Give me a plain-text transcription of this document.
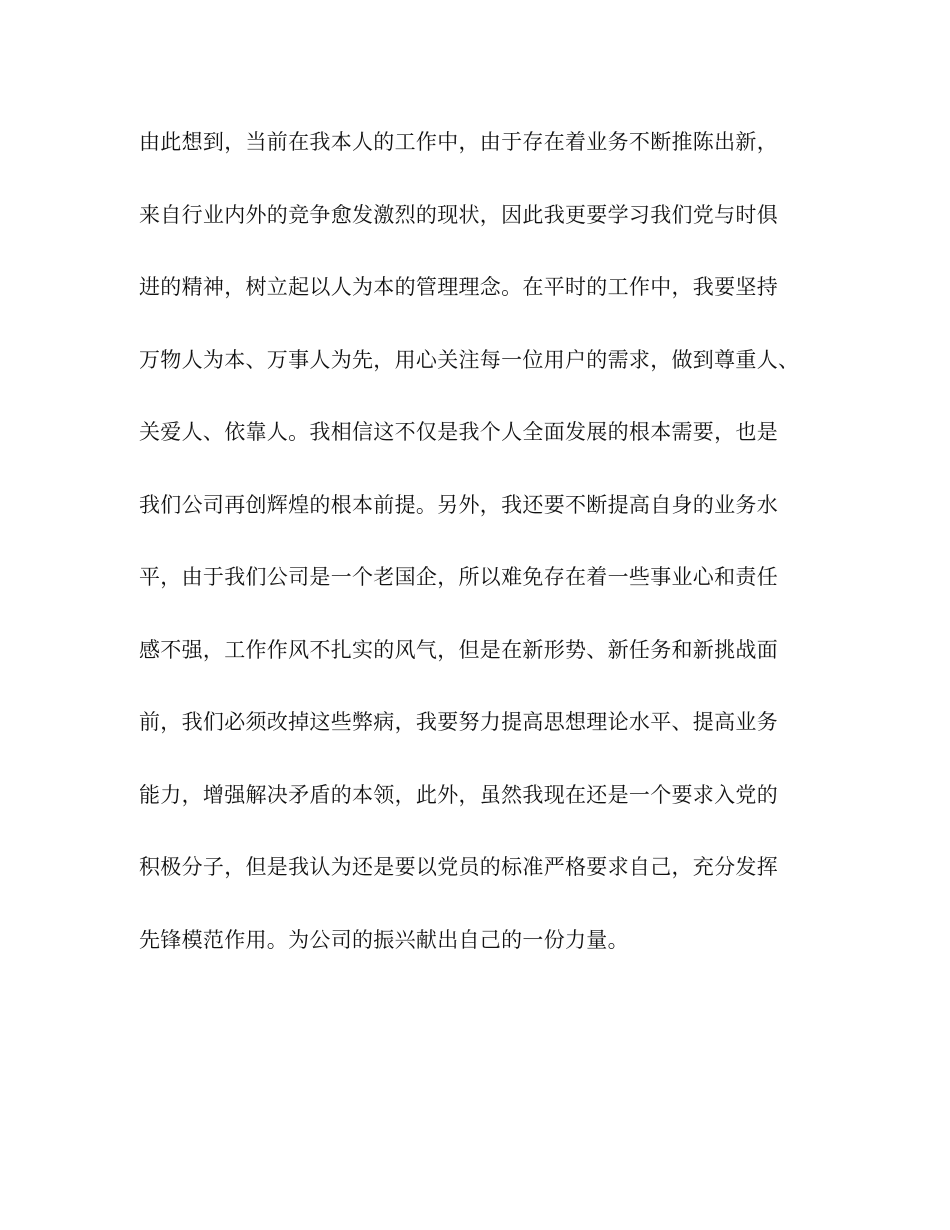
由此想到，当前在我本人的工作中，由于存在着业务不断推陈出新，
来自行业内外的竞争愈发激烈的现状，因此我更要学习我们党与时俱
进的精神，树立起以人为本的管理理念。在平时的工作中，我要坚持
万物人为本、万事人为先，用心关注每一位用户的需求，做到尊重人、
关爱人、依靠人。我相信这不仅是我个人全面发展的根本需要，也是
我们公司再创辉煌的根本前提。另外，我还要不断提高自身的业务水
平，由于我们公司是一个老国企，所以难免存在着一些事业心和责任
感不强，工作作风不扎实的风气，但是在新形势、新任务和新挑战面
前，我们必须改掉这些弊病，我要努力提高思想理论水平、提高业务
能力，增强解决矛盾的本领，此外，虽然我现在还是一个要求入党的
积极分子，但是我认为还是要以党员的标准严格要求自己，充分发挥
先锋模范作用。为公司的振兴献出自己的一份力量。
